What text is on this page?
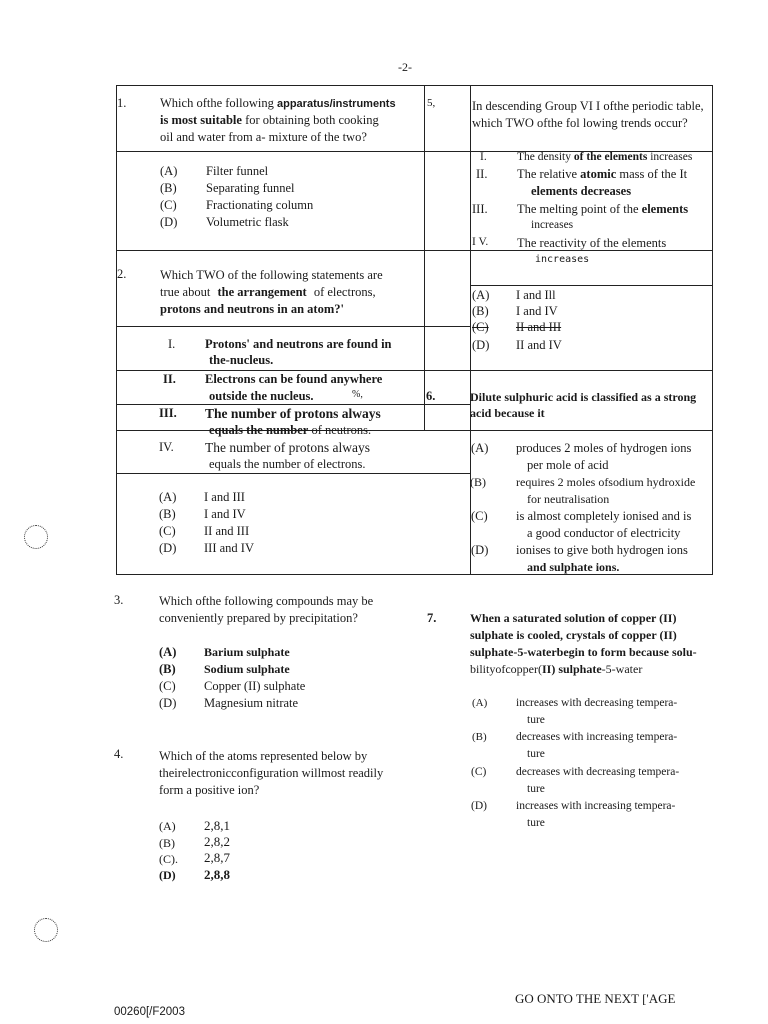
-2-
1.	Which ofthe following apparatus/instruments
is most suitable for obtaining both cooking
oil and water from a- mixture of the two?
(A) Filter funnel
(B) Separating funnel
(C) Fractionating column
(D) Volumetric flask
2.	Which TWO of the following statements are
true about the arrangement of electrons,
protons and neutrons in an atom?'
I. Protons' and neutrons are found in
the-nucleus.
II. Electrons can be found anywhere
outside the nucleus.	%,
III. The number of protons always
equals the number of neutrons.
IV. The number of protons always
equals the number of electrons.
(A) I and III
(B) I and IV
(C) II and III
(D) III and IV
5,	In descending Group VI I ofthe periodic table,
which TWO ofthe fol lowing trends occur?
I.	The density of the elements increases
II. The relative atomic mass of the It
elements decreases
III. The melting point of the elements
increases
I V. The reactivity of the elements
increases
(A) I and Ill
(B) I and IV
(C) II and III
(D) II and IV
6.	Dilute sulphuric acid is classified as a strong
acid because it
(A) produces 2 moles of hydrogen ions
per mole of acid
(B)	requires 2 moles ofsodium hydroxide
for neutralisation
(C) is almost completely ionised and is
a good conductor of electricity
(D) ionises to give both hydrogen ions
and sulphate ions.
3.	Which ofthe following compounds may be
conveniently prepared by precipitation?
(A) Barium sulphate
(B) Sodium sulphate
(C) Copper (II) sulphate
(D) Magnesium nitrate
4.	Which of the atoms represented below by
theirelectronicconfiguration willmost readily
form a positive ion?
(A) 2,8,1
(B) 2,8,2
(C). 2,8,7
(D) 2,8,8
7.	When a saturated solution of copper (II)
sulphate is cooled, crystals of copper (II)
sulphate-5-waterbegin to form because solu-
bilityofcopper(II) sulphate-5-water
(A) increases with decreasing tempera-
ture
(B)	decreases with increasing tempera-
ture
(C)	decreases with decreasing tempera-
ture
(D)	increases with increasing tempera-
ture
GO ONTO THE NEXT ['AGE
00260[/F2003
